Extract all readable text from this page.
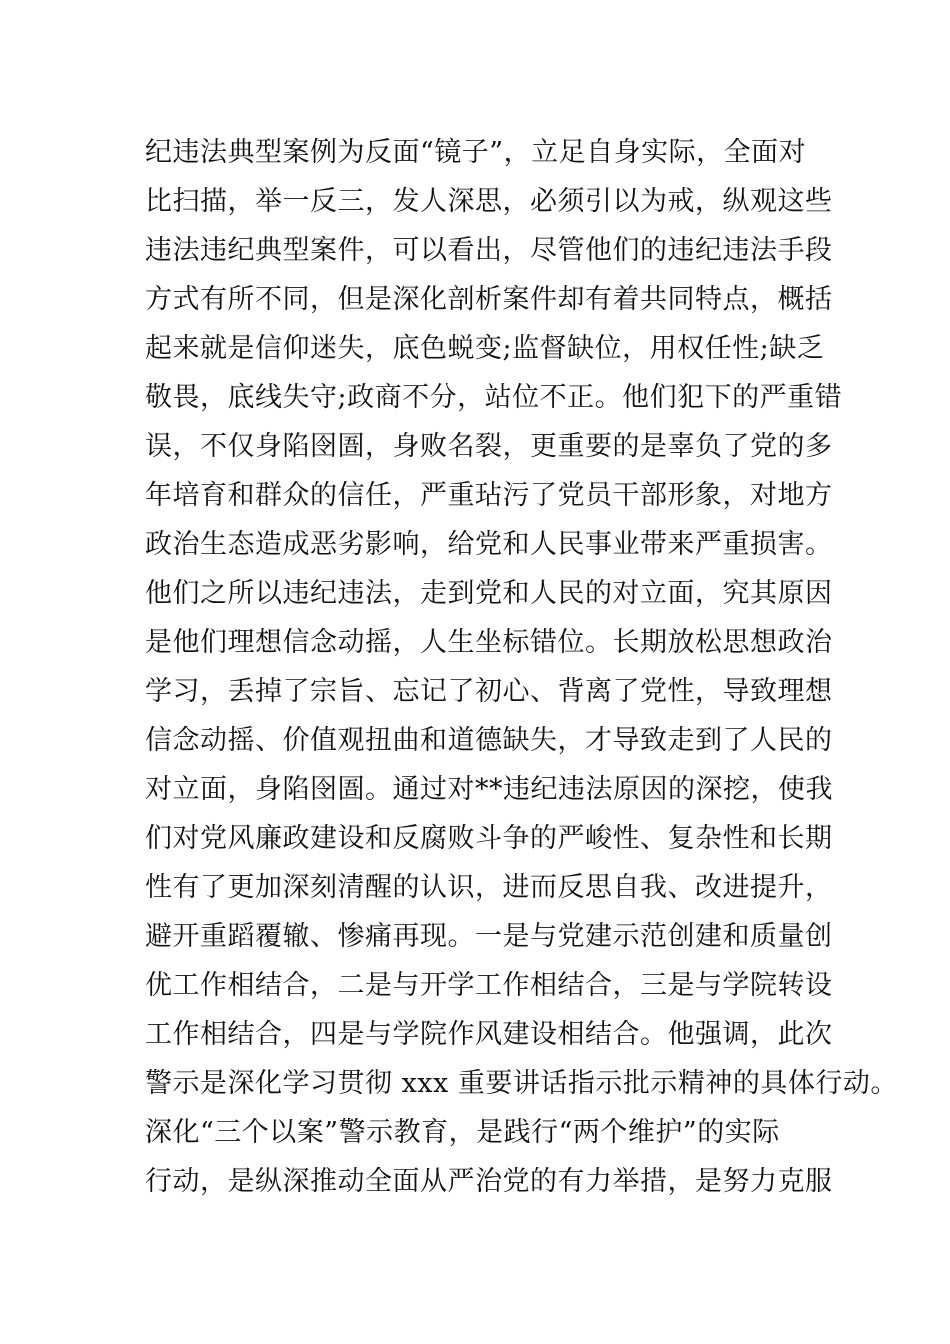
纪违法典型案例为反面“镜子”，立足自身实际，全面对
比扫描，举一反三，发人深思，必须引以为戒，纵观这些
违法违纪典型案件，可以看出，尽管他们的违纪违法手段
方式有所不同，但是深化剖析案件却有着共同特点，概括
起来就是信仰迷失，底色蜕变;监督缺位，用权任性;缺乏
敬畏，底线失守;政商不分，站位不正。他们犯下的严重错
误，不仅身陷囹圄，身败名裂，更重要的是辜负了党的多
年培育和群众的信任，严重玷污了党员干部形象，对地方
政治生态造成恶劣影响，给党和人民事业带来严重损害。
他们之所以违纪违法，走到党和人民的对立面，究其原因
是他们理想信念动摇，人生坐标错位。长期放松思想政治
学习，丢掉了宗旨、忘记了初心、背离了党性，导致理想
信念动摇、价值观扭曲和道德缺失，才导致走到了人民的
对立面，身陷囹圄。通过对**违纪违法原因的深挖，使我
们对党风廉政建设和反腐败斗争的严峻性、复杂性和长期
性有了更加深刻清醒的认识，进而反思自我、改进提升，
避开重蹈覆辙、惨痛再现。一是与党建示范创建和质量创
优工作相结合，二是与开学工作相结合，三是与学院转设
工作相结合，四是与学院作风建设相结合。他强调，此次
警示是深化学习贯彻 xxx 重要讲话指示批示精神的具体行动。
深化“三个以案”警示教育，是践行“两个维护”的实际
行动，是纵深推动全面从严治党的有力举措，是努力克服
